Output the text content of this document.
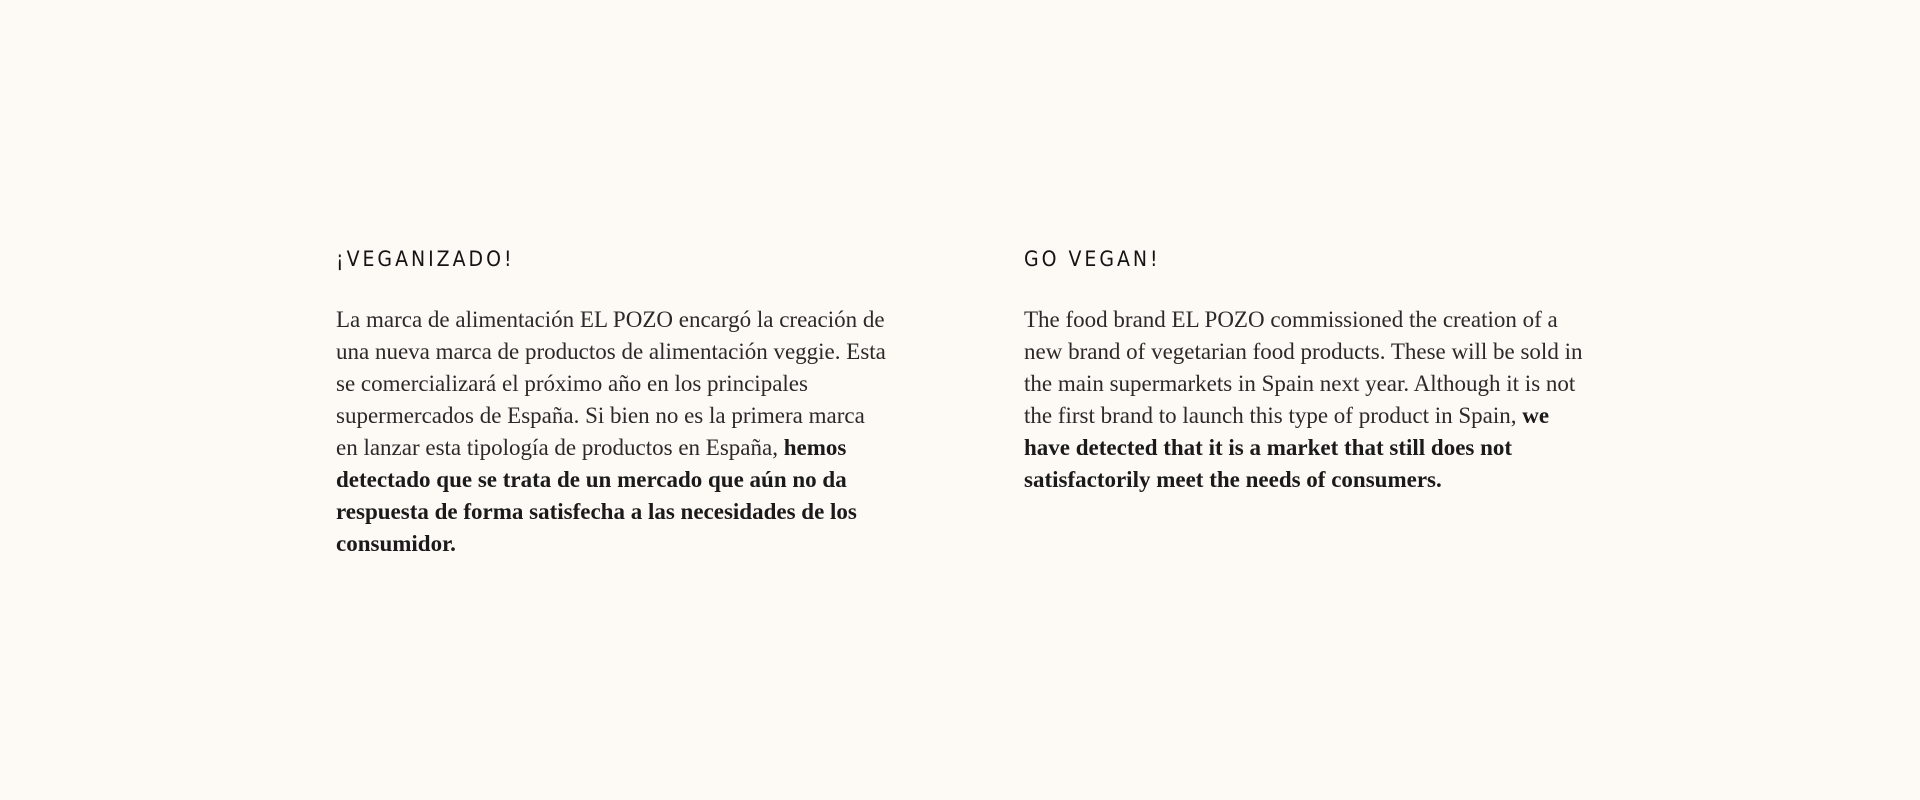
¡VEGANIZADO!

La marca de alimentación EL POZO encargó la creación de una nueva marca de productos de alimentación veggie. Esta se comercializará el próximo año en los principales supermercados de España. Si bien no es la primera marca en lanzar esta tipología de productos en España, hemos detectado que se trata de un mercado que aún no da respuesta de forma satisfecha a las necesidades de los consumidor.

GO VEGAN!

The food brand EL POZO commissioned the creation of a new brand of vegetarian food products. These will be sold in the main supermarkets in Spain next year. Although it is not the first brand to launch this type of product in Spain, we have detected that it is a market that still does not satisfactorily meet the needs of consumers.
